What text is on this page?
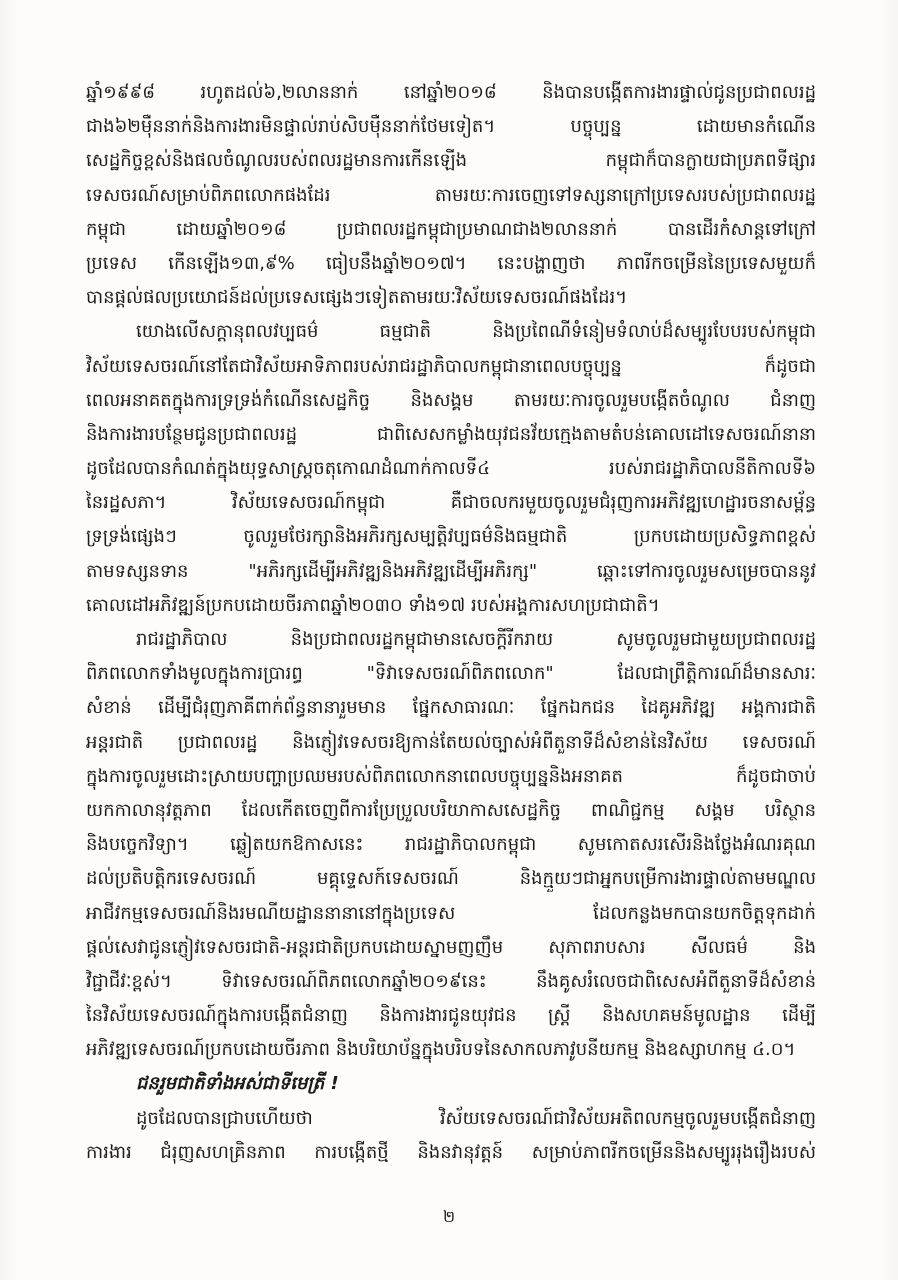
ឆ្នាំ១៩៩៨ រហូតដល់៦,២លាននាក់ នៅឆ្នាំ២០១៨ និងបានបង្កើតការងារផ្ទាល់ជូនប្រជាពលរដ្ឋ
ជាង៦២ម៉ឺននាក់និងការងារមិនផ្ទាល់រាប់សិបម៉ឺននាក់ថែមទៀត។ បច្ចុប្បន្ន ដោយមានកំណើន
សេដ្ឋកិច្ចខ្ពស់និងផលចំណូលរបស់ពលរដ្ឋមានការកើនឡើង កម្ពុជាក៏បានក្លាយជាប្រភពទីផ្សារ
ទេសចរណ៍សម្រាប់ពិភពលោកផងដែរ តាមរយៈការចេញទៅទស្សនាក្រៅប្រទេសរបស់ប្រជាពលរដ្ឋ
កម្ពុជា ដោយឆ្នាំ២០១៨ ប្រជាពលរដ្ឋកម្ពុជាប្រមាណជាង២លាននាក់ បានដើរកំសាន្តទៅក្រៅ
ប្រទេស កើនឡើង១៣,៩% ធៀបនឹងឆ្នាំ២០១៧។ នេះបង្ហាញថា ភាពរីកចម្រើននៃប្រទេសមួយក៏
បានផ្តល់ផលប្រយោជន៍ដល់ប្រទេសផ្សេងៗទៀតតាមរយៈវិស័យទេសចរណ៍ផងដែរ។
យោងលើសក្តានុពលវប្បធម៌ ធម្មជាតិ និងប្រពៃណីទំនៀមទំលាប់ដ៏សម្បូរបែបរបស់កម្ពុជា
វិស័យទេសចរណ៍នៅតែជាវិស័យអាទិភាពរបស់រាជរដ្ឋាភិបាលកម្ពុជានាពេលបច្ចុប្បន្ន ក៏ដូចជា
ពេលអនាគតក្នុងការទ្រទ្រង់កំណើនសេដ្ឋកិច្ច និងសង្គម តាមរយៈការចូលរួមបង្កើតចំណូល ជំនាញ
និងការងារបន្ថែមជូនប្រជាពលរដ្ឋ ជាពិសេសកម្លាំងយុវជនវ័យក្មេងតាមតំបន់គោលដៅទេសចរណ៍នានា
ដូចដែលបានកំណត់ក្នុងយុទ្ធសាស្ត្រចតុកោណដំណាក់កាលទី៤ របស់រាជរដ្ឋាភិបាលនីតិកាលទី៦
នៃរដ្ឋសភា។ វិស័យទេសចរណ៍កម្ពុជា គឺជាចលករមួយចូលរួមជំរុញការអភិវឌ្ឍហេដ្ឋារចនាសម្ព័ន្ធ
ទ្រទ្រង់ផ្សេងៗ ចូលរួមថែរក្សានិងអភិរក្សសម្បត្តិវប្បធម៌និងធម្មជាតិ ប្រកបដោយប្រសិទ្ធភាពខ្ពស់
តាមទស្សនទាន "អភិរក្សដើម្បីអភិវឌ្ឍនិងអភិវឌ្ឍដើម្បីអភិរក្ស" ឆ្ពោះទៅការចូលរួមសម្រេចបាននូវ
គោលដៅអភិវឌ្ឍន៍ប្រកបដោយចីរភាពឆ្នាំ២០៣០ ទាំង១៧ របស់អង្គការសហប្រជាជាតិ។
រាជរដ្ឋាភិបាល និងប្រជាពលរដ្ឋកម្ពុជាមានសេចក្តីរីករាយ សូមចូលរួមជាមួយប្រជាពលរដ្ឋ
ពិភពលោកទាំងមូលក្នុងការប្រារព្ធ "ទិវាទេសចរណ៍ពិភពលោក" ដែលជាព្រឹត្តិការណ៍ដ៏មានសារៈ
សំខាន់ ដើម្បីជំរុញភាគីពាក់ព័ន្ធនានារួមមាន ផ្នែកសាធារណៈ ផ្នែកឯកជន ដៃគូអភិវឌ្ឍ អង្គការជាតិ
អន្តរជាតិ ប្រជាពលរដ្ឋ និងភ្ញៀវទេសចរឱ្យកាន់តែយល់ច្បាស់អំពីតួនាទីដ៏សំខាន់នៃវិស័យ ទេសចរណ៍
ក្នុងការចូលរួមដោះស្រាយបញ្ហាប្រឈមរបស់ពិភពលោកនាពេលបច្ចុប្បន្ននិងអនាគត ក៏ដូចជាចាប់
យកកាលានុវត្តភាព ដែលកើតចេញពីការប្រែប្រួលបរិយាកាសសេដ្ឋកិច្ច ពាណិជ្ជកម្ម សង្គម បរិស្ថាន
និងបច្ចេកវិទ្យា។ ឆ្លៀតយកឱកាសនេះ រាជរដ្ឋាភិបាលកម្ពុជា សូមកោតសរសើរនិងថ្លែងអំណរគុណ
ដល់ប្រតិបត្តិករទេសចរណ៍ មគ្គុទ្ទេសក៍ទេសចរណ៍ និងក្មួយៗជាអ្នកបម្រើការងារផ្ទាល់តាមមណ្ឌល
អាជីវកម្មទេសចរណ៍និងរមណីយដ្ឋាននានានៅក្នុងប្រទេស ដែលកន្លងមកបានយកចិត្តទុកដាក់
ផ្តល់សេវាជូនភ្ញៀវទេសចរជាតិ-អន្តរជាតិប្រកបដោយស្នាមញញឹម សុភាពរាបសារ សីលធម៌ និង
វិជ្ជាជីវៈខ្ពស់។ ទិវាទេសចរណ៍ពិភពលោកឆ្នាំ២០១៩នេះ នឹងគូសរំលេចជាពិសេសអំពីតួនាទីដ៏សំខាន់
នៃវិស័យទេសចរណ៍ក្នុងការបង្កើតជំនាញ និងការងារជូនយុវជន ស្ត្រី និងសហគមន៍មូលដ្ឋាន ដើម្បី
អភិវឌ្ឍទេសចរណ៍ប្រកបដោយចីរភាព និងបរិយាប័ន្នក្នុងបរិបទនៃសាកលភាវូបនីយកម្ម និងឧស្សាហកម្ម ៤.០។
ជនរួមជាតិទាំងអស់ជាទីមេត្រី !
ដូចដែលបានជ្រាបហើយថា វិស័យទេសចរណ៍ជាវិស័យអតិពលកម្មចូលរួមបង្កើតជំនាញ
ការងារ ជំរុញសហគ្រិនភាព ការបង្កើតថ្មី និងនវានុវត្តន៍ សម្រាប់ភាពរីកចម្រើននិងសម្បូររុងរឿងរបស់
២
